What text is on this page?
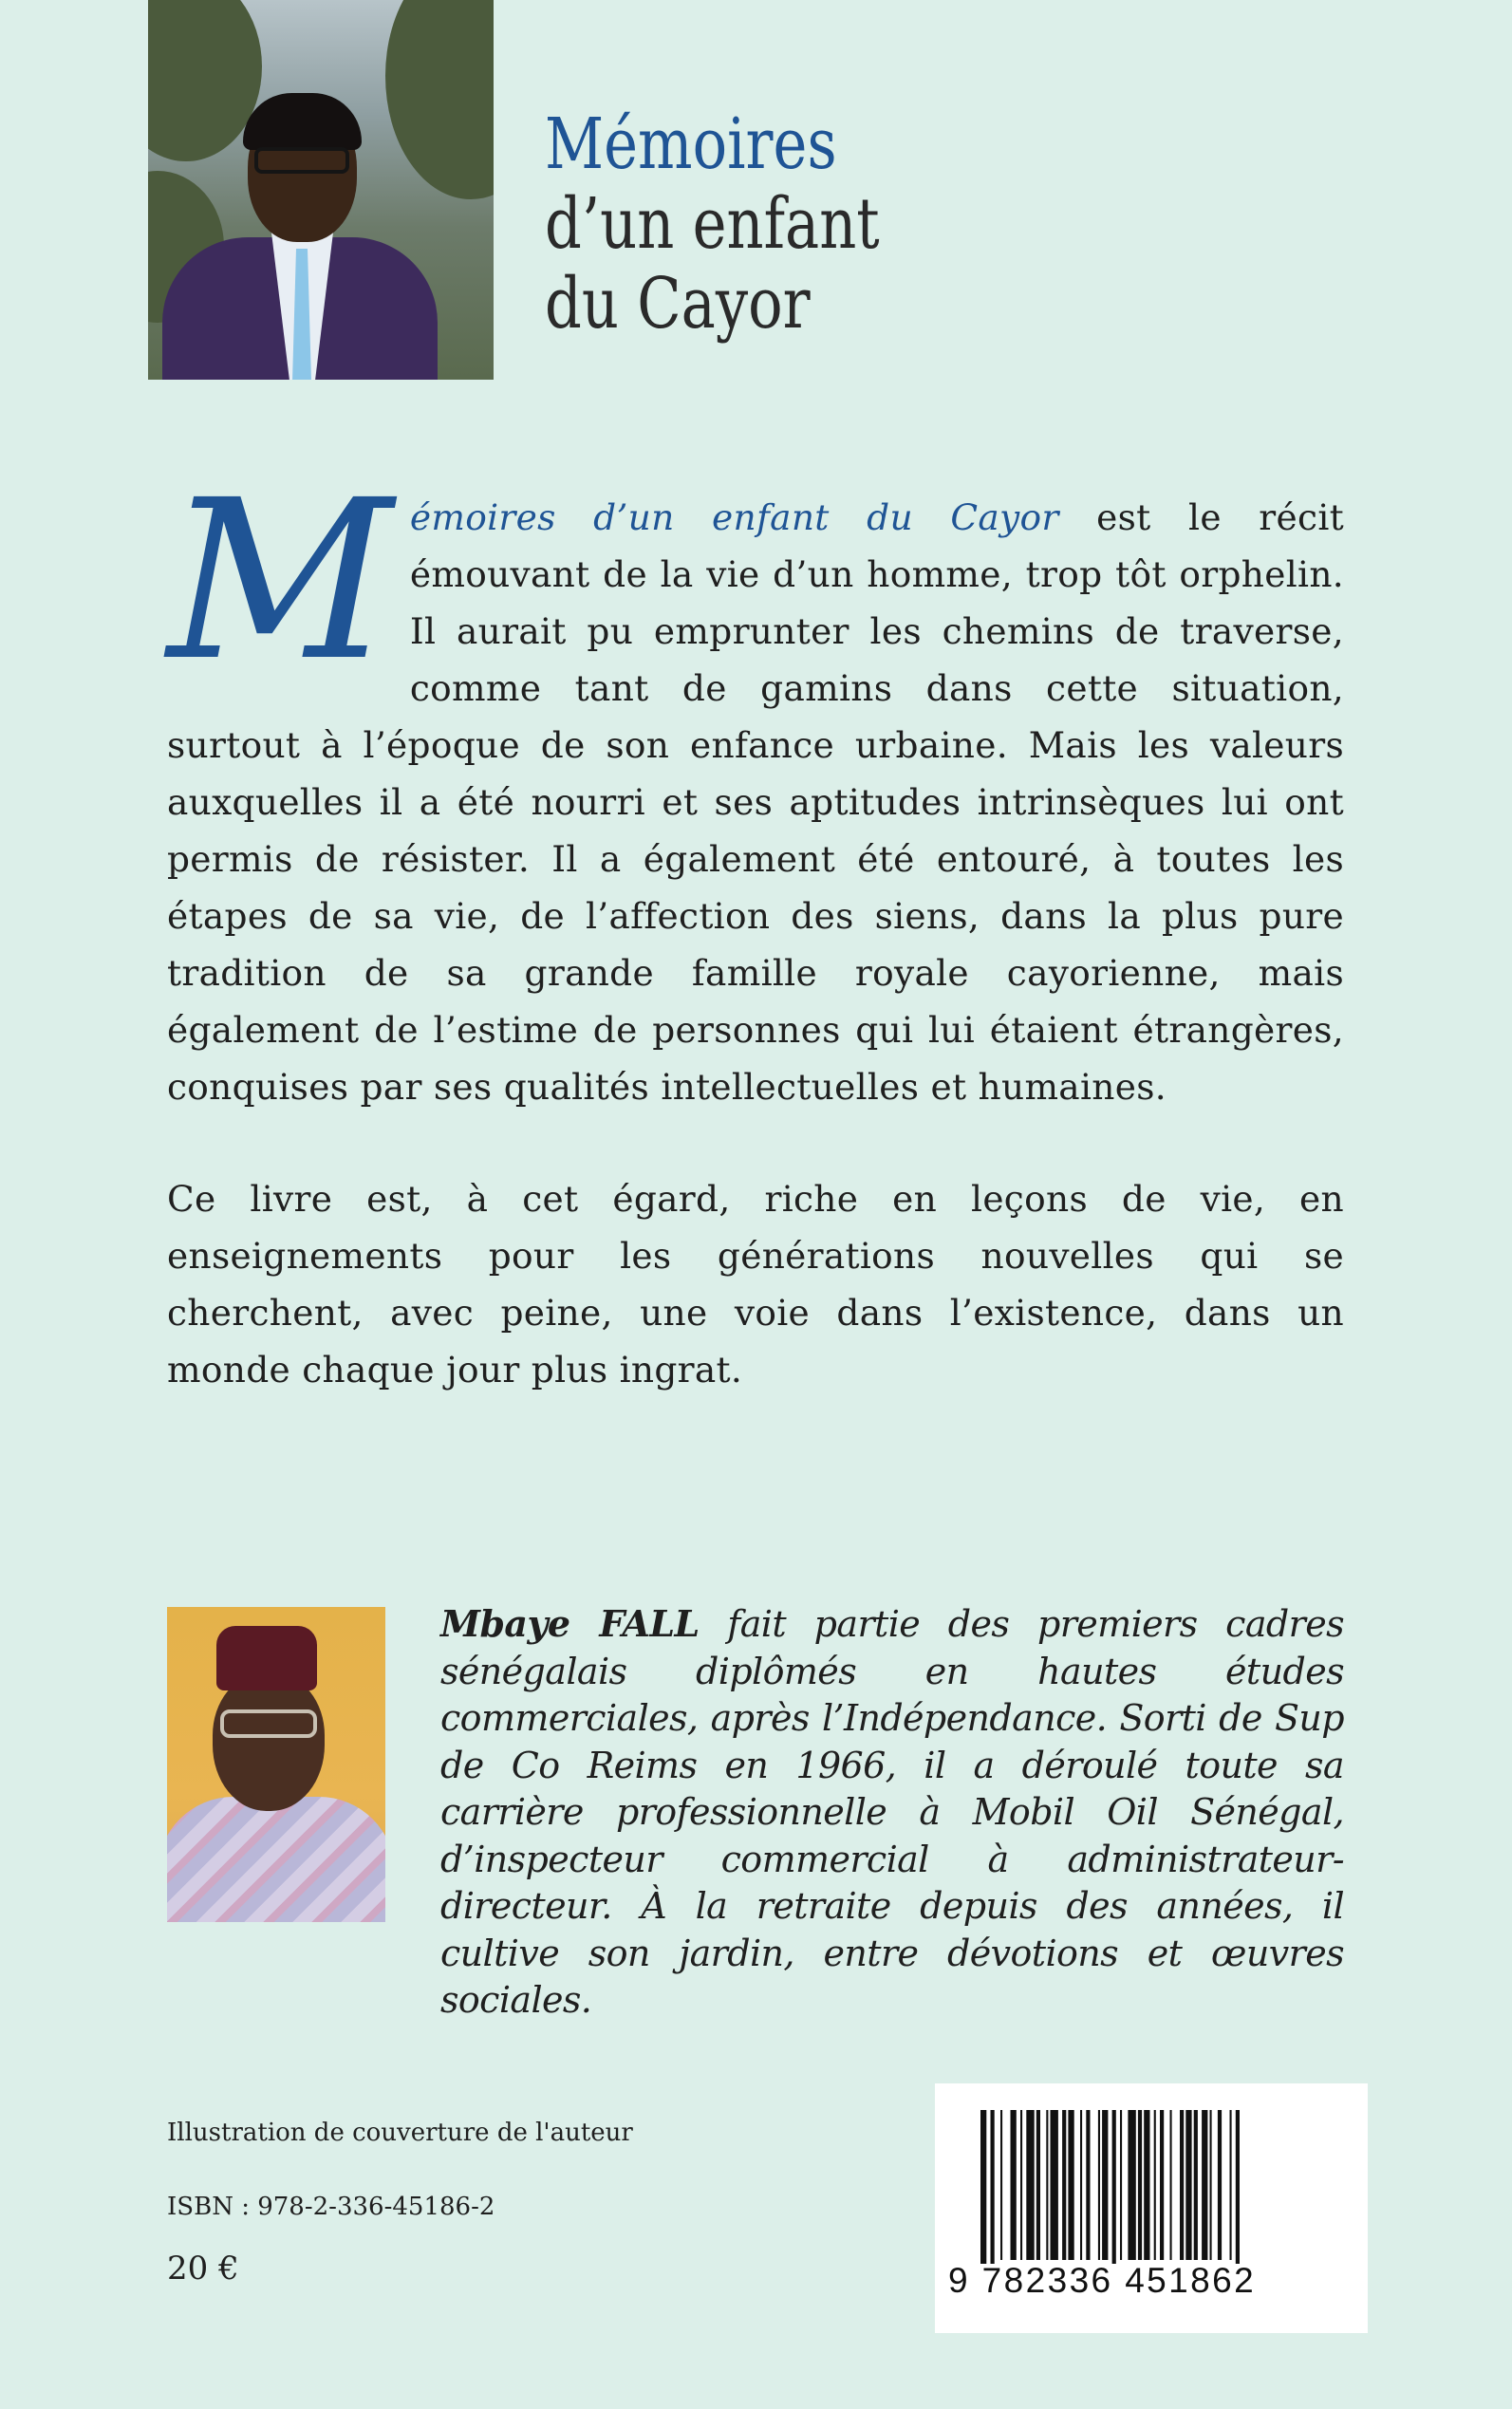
Mémoires
d’un enfant
du Cayor
M émoires d’un enfant du Cayor est le récit émouvant de la vie d’un homme, trop tôt orphelin. Il aurait pu emprunter les chemins de traverse, comme tant de gamins dans cette situation, surtout à l’époque de son enfance urbaine. Mais les valeurs auxquelles il a été nourri et ses aptitudes intrinsèques lui ont permis de résister. Il a également été entouré, à toutes les étapes de sa vie, de l’affection des siens, dans la plus pure tradition de sa grande famille royale cayorienne, mais également de l’estime de personnes qui lui étaient étrangères, conquises par ses qualités intellectuelles et humaines.

Ce livre est, à cet égard, riche en leçons de vie, en enseignements pour les générations nouvelles qui se cherchent, avec peine, une voie dans l’existence, dans un monde chaque jour plus ingrat.

Mbaye FALL fait partie des premiers cadres sénégalais diplômés en hautes études commerciales, après l’Indépendance. Sorti de Sup de Co Reims en 1966, il a déroulé toute sa carrière professionnelle à Mobil Oil Sénégal, d’inspecteur commercial à administrateur-directeur. À la retraite depuis des années, il cultive son jardin, entre dévotions et œuvres sociales.

Illustration de couverture de l'auteur

ISBN : 978-2-336-45186-2

20 €	9 782336 451862
